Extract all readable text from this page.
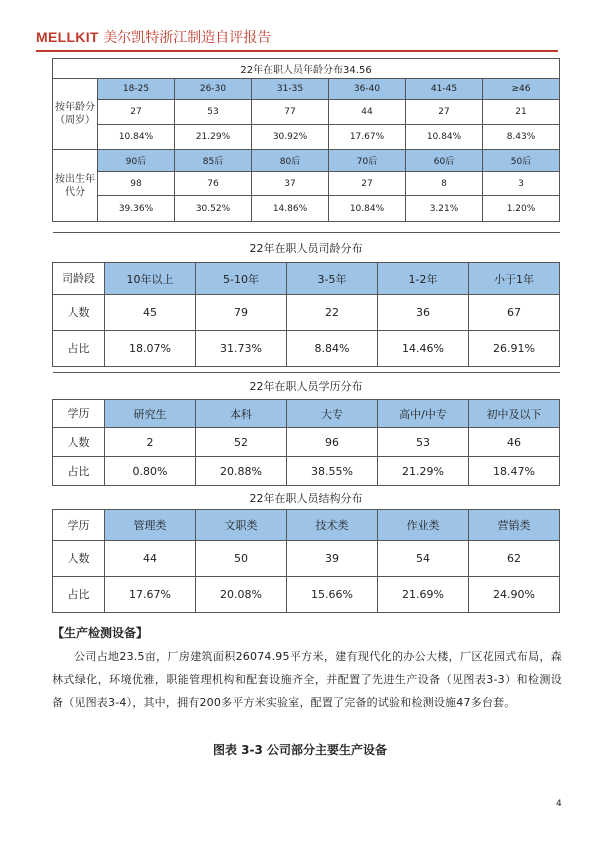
MELLKIT 美尔凯特浙江制造自评报告
22年在职人员年龄分布34.56						
按年龄分（周岁）	18-25	26-30	31-35	36-40	41-45	≥46
	27	53	77	44	27	21
	10.84%	21.29%	30.92%	17.67%	10.84%	8.43%
按出生年代分	90后	85后	80后	70后	60后	50后
	98	76	37	27	8	3
	39.36%	30.52%	14.86%	10.84%	3.21%	1.20%
22年在职人员司龄分布					
司龄段	10年以上	5-10年	3-5年	1-2年	小于1年
人数	45	79	22	36	67
占比	18.07%	31.73%	8.84%	14.46%	26.91%
22年在职人员学历分布					
学历	研究生	本科	大专	高中/中专	初中及以下
人数	2	52	96	53	46
占比	0.80%	20.88%	38.55%	21.29%	18.47%
22年在职人员结构分布					
学历	管理类	文职类	技术类	作业类	营销类
人数	44	50	39	54	62
占比	17.67%	20.08%	15.66%	21.69%	24.90%
【生产检测设备】

公司占地23.5亩，厂房建筑面积26074.95平方米，建有现代化的办公大楼，厂区花园式布局，森林式绿化，环境优雅，职能管理机构和配套设施齐全，并配置了先进生产设备（见图表3-3）和检测设备（见图表3-4），其中，拥有200多平方米实验室，配置了完备的试验和检测设施47多台套。

图表 3-3 公司部分主要生产设备
4
